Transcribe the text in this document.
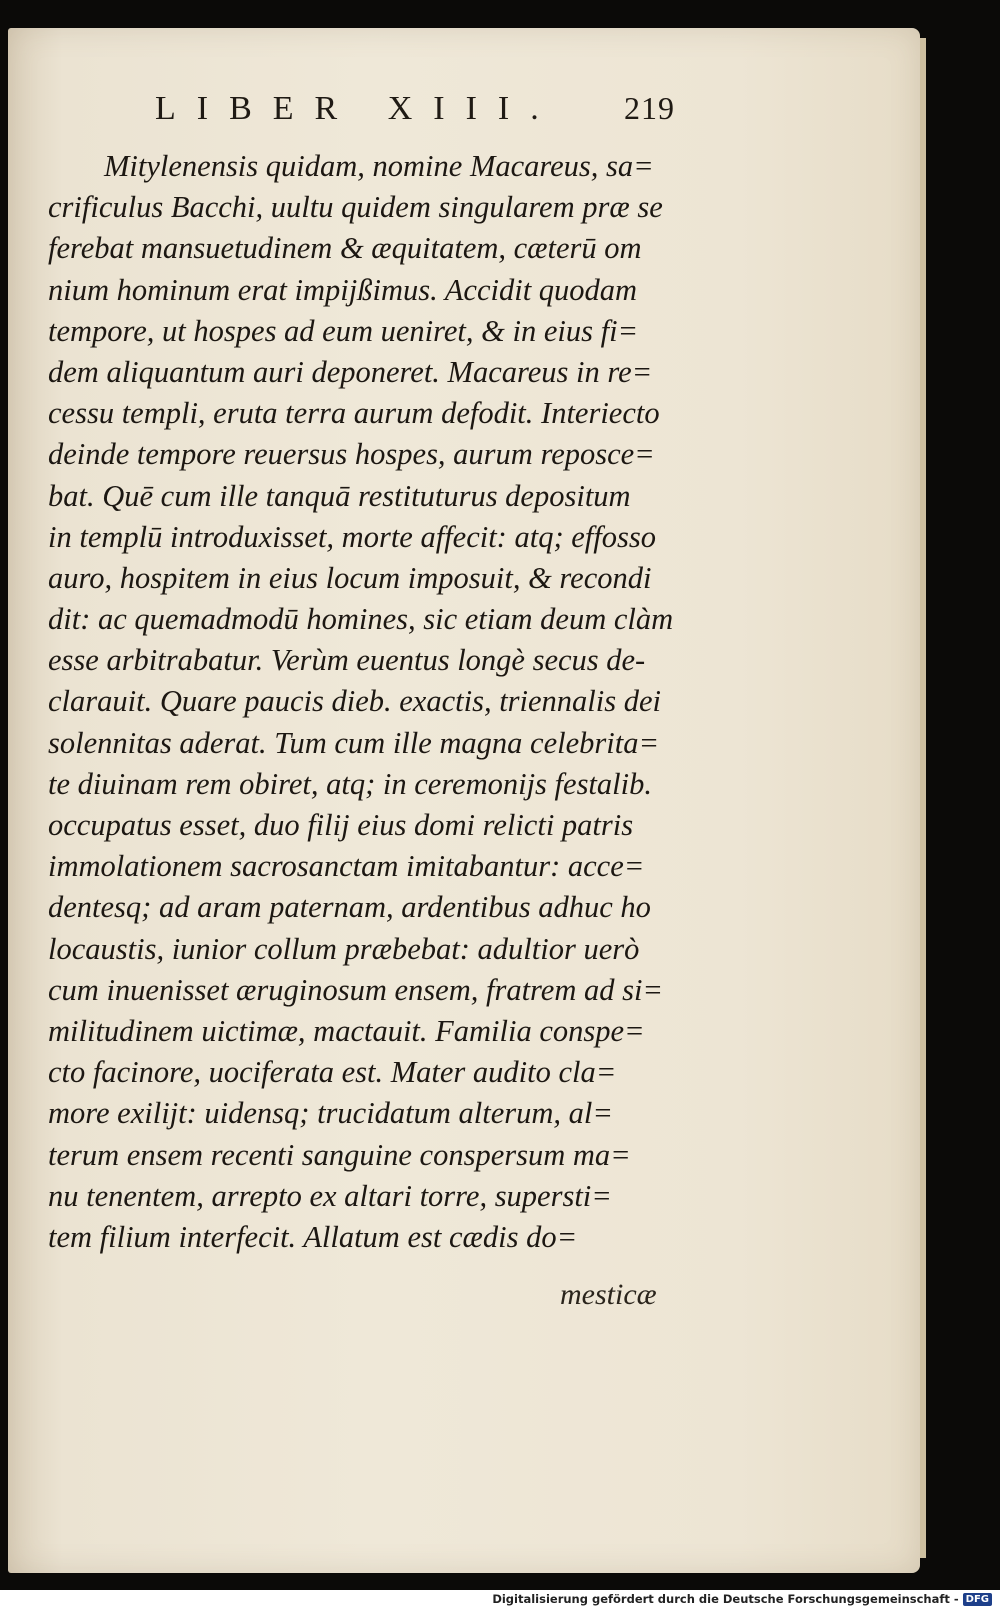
LIBER XIII. 219
Mitylenensis quidam, nomine Macareus, sa=
crificulus Bacchi, uultu quidem singularem præ se
ferebat mansuetudinem & æquitatem, cæterū om
nium hominum erat impijßimus. Accidit quodam
tempore, ut hospes ad eum ueniret, & in eius fi=
dem aliquantum auri deponeret. Macareus in re=
cessu templi, eruta terra aurum defodit. Interiecto
deinde tempore reuersus hospes, aurum reposce=
bat. Quē cum ille tanquā restituturus depositum
in templū introduxisset, morte affecit: atq; effosso
auro, hospitem in eius locum imposuit, & recondi
dit: ac quemadmodū homines, sic etiam deum clàm
esse arbitrabatur. Verùm euentus longè secus de-
clarauit. Quare paucis dieb. exactis, triennalis dei
solennitas aderat. Tum cum ille magna celebrita=
te diuinam rem obiret, atq; in ceremonijs festalib.
occupatus esset, duo filij eius domi relicti patris
immolationem sacrosanctam imitabantur: acce=
dentesq; ad aram paternam, ardentibus adhuc ho
locaustis, iunior collum præbebat: adultior uerò
cum inuenisset æruginosum ensem, fratrem ad si=
militudinem uictimæ, mactauit. Familia conspe=
cto facinore, uociferata est. Mater audito cla=
more exilijt: uidensq; trucidatum alterum, al=
terum ensem recenti sanguine conspersum ma=
nu tenentem, arrepto ex altari torre, supersti=
tem filium interfecit. Allatum est cædis do=
mesticæ
Digitalisierung gefördert durch die Deutsche Forschungsgemeinschaft - DFG
